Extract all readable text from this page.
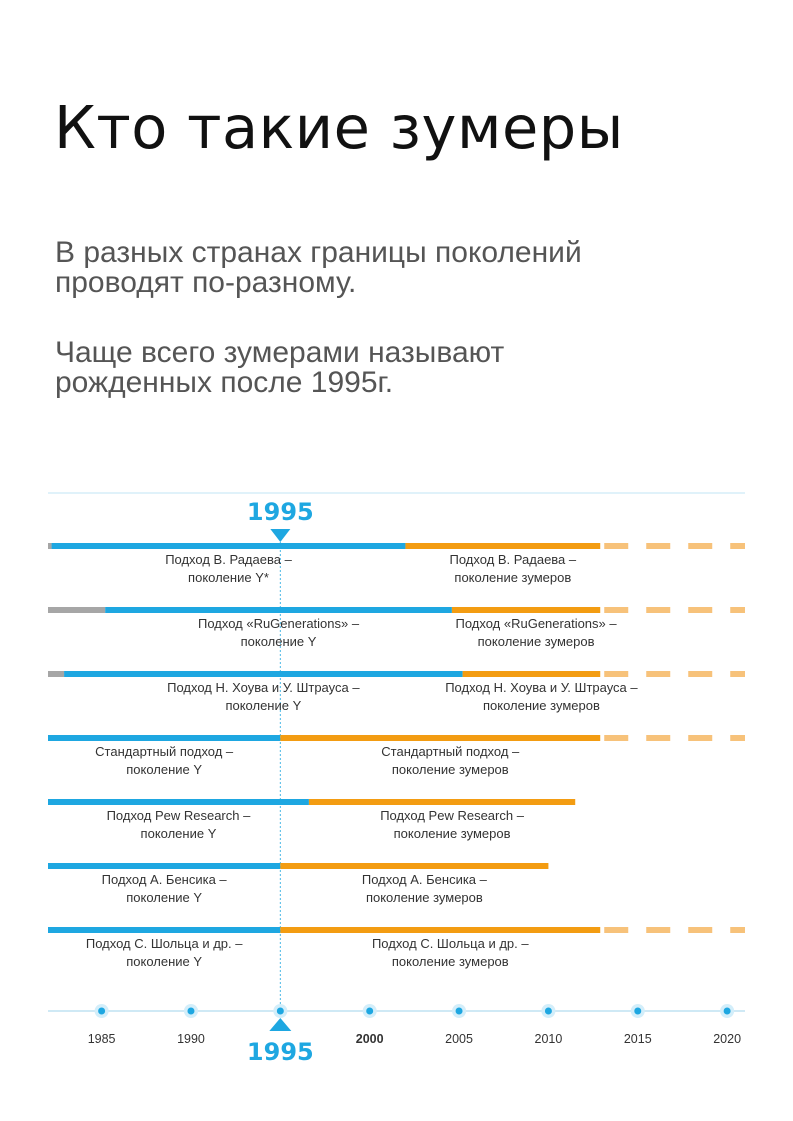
Кто такие зумеры

В разных странах границы поколений
проводят по-разному.

Чаще всего зумерами называют
рожденных после 1995г.

1995
Подход В. Радаева –
поколение Y*
Подход В. Радаева –
поколение зумеров
Подход «RuGenerations» –
поколение Y
Подход «RuGenerations» –
поколение зумеров
Подход Н. Хоува и У. Штрауса –
поколение Y
Подход Н. Хоува и У. Штрауса –
поколение зумеров
Стандартный подход –
поколение Y
Стандартный подход –
поколение зумеров
Подход Pew Research –
поколение Y
Подход Pew Research –
поколение зумеров
Подход А. Бенсика –
поколение Y
Подход А. Бенсика –
поколение зумеров
Подход С. Шольца и др. –
поколение Y
Подход С. Шольца и др. –
поколение зумеров
1985	1990	2000	2005	2010	2015	2020
1995
